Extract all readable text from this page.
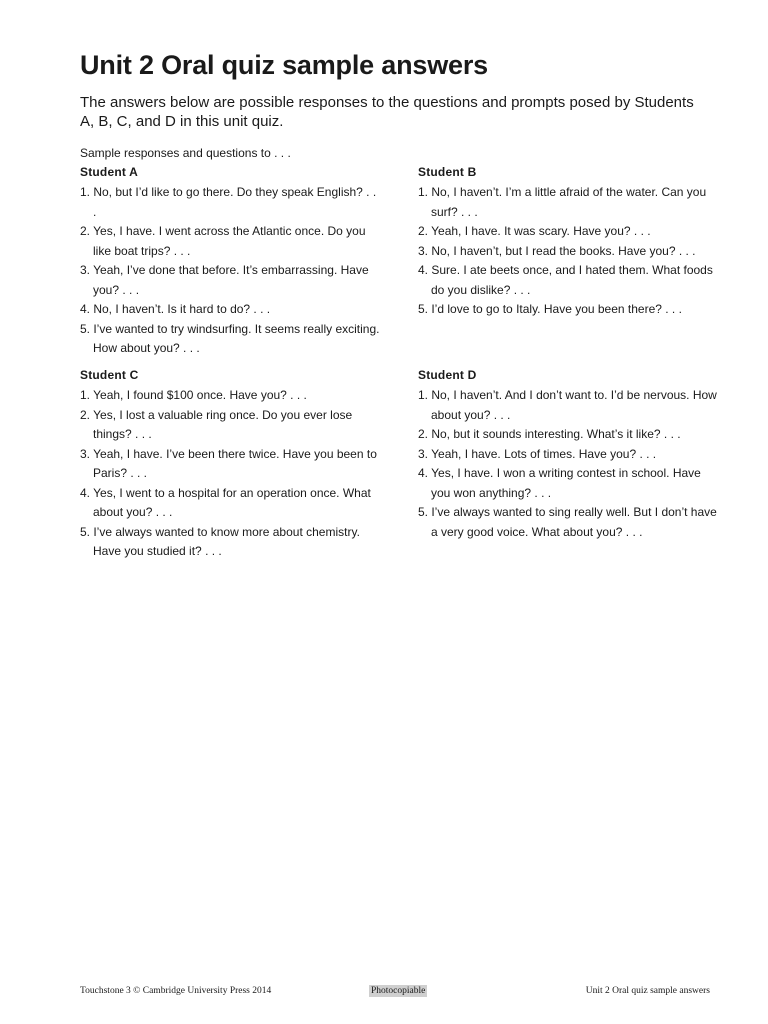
Unit 2 Oral quiz sample answers

The answers below are possible responses to the questions and prompts posed by Students A, B, C, and D in this unit quiz.

Sample responses and questions to . . .

Student A
1. No, but I’d like to go there. Do they speak English? . . .
2. Yes, I have. I went across the Atlantic once. Do you like boat trips? . . .
3. Yeah, I’ve done that before. It’s embarrassing. Have you? . . .
4. No, I haven’t. Is it hard to do? . . .
5. I’ve wanted to try windsurfing. It seems really exciting. How about you? . . .
Student B
1. No, I haven’t. I’m a little afraid of the water. Can you surf? . . .
2. Yeah, I have. It was scary. Have you? . . .
3. No, I haven’t, but I read the books. Have you? . . .
4. Sure. I ate beets once, and I hated them. What foods do you dislike? . . .
5. I’d love to go to Italy. Have you been there? . . .
Student C
1. Yeah, I found $100 once. Have you? . . .
2. Yes, I lost a valuable ring once. Do you ever lose things? . . .
3. Yeah, I have. I’ve been there twice. Have you been to Paris? . . .
4. Yes, I went to a hospital for an operation once. What about you? . . .
5. I’ve always wanted to know more about chemistry. Have you studied it? . . .
Student D
1. No, I haven’t. And I don’t want to. I’d be nervous. How about you? . . .
2. No, but it sounds interesting. What’s it like? . . .
3. Yeah, I have. Lots of times. Have you? . . .
4. Yes, I have. I won a writing contest in school. Have you won anything? . . .
5. I’ve always wanted to sing really well. But I don’t have a very good voice. What about you? . . .
Touchstone 3 © Cambridge University Press 2014	Photocopiable	Unit 2 Oral quiz sample answers
